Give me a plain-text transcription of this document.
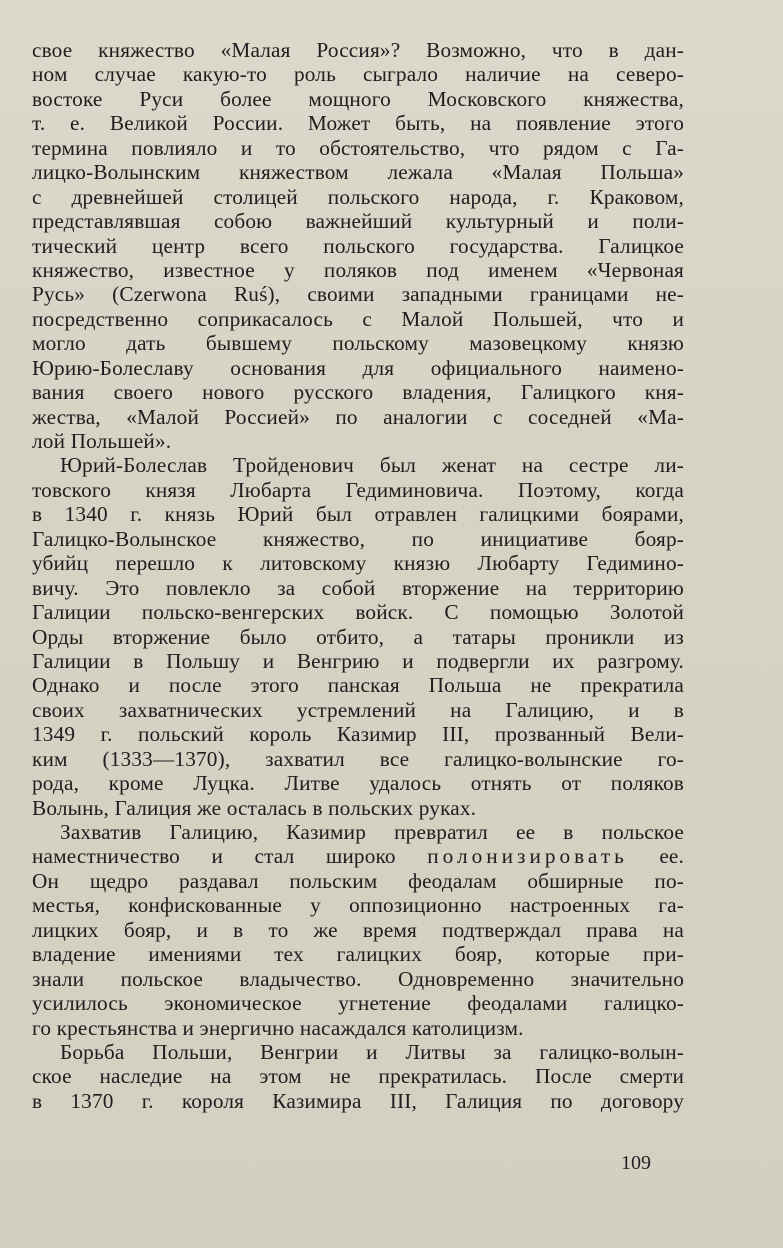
свое княжество «Малая Россия»? Возможно, что в дан-
ном случае какую-то роль сыграло наличие на северо-
востоке Руси более мощного Московского княжества,
т. е. Великой России. Может быть, на появление этого
термина повлияло и то обстоятельство, что рядом с Га-
лицко-Волынским княжеством лежала «Малая Польша»
с древнейшей столицей польского народа, г. Краковом,
представлявшая собою важнейший культурный и поли-
тический центр всего польского государства. Галицкое
княжество, известное у поляков под именем «Червоная
Русь» (Czerwona Ruś), своими западными границами не-
посредственно соприкасалось с Малой Польшей, что и
могло дать бывшему польскому мазовецкому князю
Юрию-Болеславу основания для официального наимено-
вания своего нового русского владения, Галицкого кня-
жества, «Малой Россией» по аналогии с соседней «Ма-
лой Польшей».
Юрий-Болеслав Тройденович был женат на сестре ли-
товского князя Любарта Гедиминовича. Поэтому, когда
в 1340 г. князь Юрий был отравлен галицкими боярами,
Галицко-Волынское княжество, по инициативе бояр-
убийц перешло к литовскому князю Любарту Гедимино-
вичу. Это повлекло за собой вторжение на территорию
Галиции польско-венгерских войск. С помощью Золотой
Орды вторжение было отбито, а татары проникли из
Галиции в Польшу и Венгрию и подвергли их разгрому.
Однако и после этого панская Польша не прекратила
своих захватнических устремлений на Галицию, и в
1349 г. польский король Казимир III, прозванный Вели-
ким (1333—1370), захватил все галицко-волынские го-
рода, кроме Луцка. Литве удалось отнять от поляков
Волынь, Галиция же осталась в польских руках.
Захватив Галицию, Казимир превратил ее в польское
наместничество и стал широко полонизировать ее.
Он щедро раздавал польским феодалам обширные по-
местья, конфискованные у оппозиционно настроенных га-
лицких бояр, и в то же время подтверждал права на
владение имениями тех галицких бояр, которые при-
знали польское владычество. Одновременно значительно
усилилось экономическое угнетение феодалами галицко-
го крестьянства и энергично насаждался католицизм.
Борьба Польши, Венгрии и Литвы за галицко-волын-
ское наследие на этом не прекратилась. После смерти
в 1370 г. короля Казимира III, Галиция по договору
109
